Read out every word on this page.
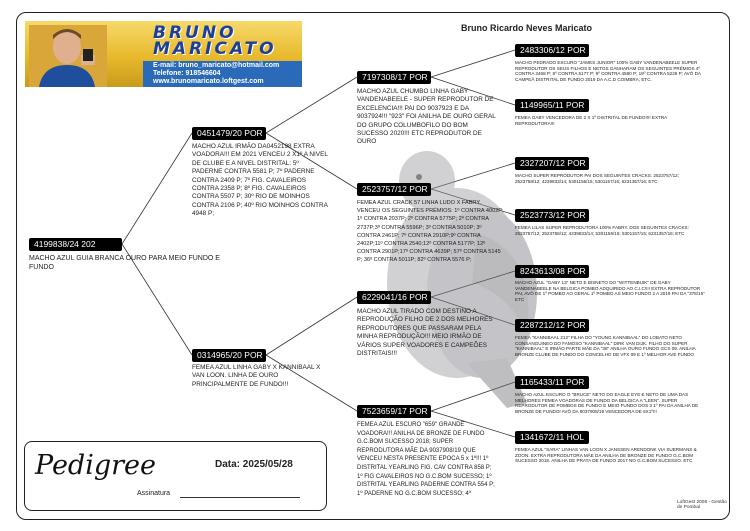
BRUNO
MARICATO
E-mail: bruno_maricato@hotmail.com
Telefone: 918546604
www.brunomaricato.loftgest.com
Bruno Ricardo Neves Maricato
4199838/24 202
MACHO AZUL GUIA BRANCA OURO PARA MEIO FUNDO E FUNDO
0451479/20 POR
MACHO AZUL IRMÃO DA0452198 EXTRA VOADORA!!! EM 2021 VENCEU 2 X1º A NIVEL DE CLUBE E A NIVEL DISTRITAL: 5º PADERNE CONTRA 5581 P; 7º PADERNE CONTRA 2409 P; 7º FIG. CAVALEIROS CONTRA 2358 P; 8º FIG. CAVALEIROS CONTRA 5507 P; 30º RIO DE MOINHOS CONTRA 2106 P; 40º RIO MOINHOS CONTRA 4948 P;
0314965/20 POR
FEMEA AZUL LINHA GABY X KANNIBAAL X VAN LOON. LINHA DE OURO PRINCIPALMENTE DE FUNDO!!!
7197308/17 POR
MACHO AZUL CHUMBO LINHA GABY VANDENABEELE - SUPER REPRODUTOR DE EXCELENCIA!!! PAI DO 9037923 E DA 9037924!!! "923" FOI ANILHA DE OURO GERAL DO GRUPO COLUMBOFILO DO BOM SUCESSO 2020!!! ETC REPRODUTOR DE OURO
2523757/12 POR
FEMEA AZUL CRACK 57 LINHA LUDO X FABRY. VENCEU OS SEGUINTES PRÉMIOS: 1º CONTRA 4002P; 1º CONTRA 2037P; 2º CONTRA 5775P; 2º CONTRA 2737P;3º CONTRA 5596P; 3º CONTRA 5010P; 3º CONTRA 2461P; 7º CONTRA 2910P;9º CONTRA 2402P;11º CONTRA 2540;12º CONTRA 5177P; 12º CONTRA 2901P;17º CONTRA 4639P; 57º CONTRA 5145 P; 36º CONTRA 5011P; 82º CONTRA 5576 P;
6229041/16 POR
MACHO AZUL TIRADO COM DESTINO A REPRODUÇÃO FILHO DE 2 DOS MELHORES REPRODUTORES QUE PASSARAM PELA MINHA REPRODUÇÃO!!! MEIO IRMÃO DE VÁRIOS SUPER VOADORES E CAMPEÕES DISTRITAIS!!!
7523659/17 POR
FEMEA AZUL ESCURO "659" GRANDE VOADORA!!! ANILHA DE BRONZE DE FUNDO G.C.BOM SUCESSO 2018; SUPER REPRODUTORA MÃE DA 9037908/19 QUE VENCEU NESTA PRESENTE EPOCA 5 x 1º!!! 1º DISTRITAL YEARLING FIG. CAV CONTRA 858 P; 1º FIG CAVALEIROS NO G.C.BOM SUCESSO; 1º DISTRITAL YEARLING PADERNE CONTRA 554 P; 1º PADERNE NO G.C.BOM SUCESSO; 4º
2483306/12 POR
MACHO PEDRADO ESCURO "JAMES JUNIOR" 100% GABY VANDENABEELE SUPER REPRODUTOR OS SEUS FILHOS E NETOS GANHARAM OS SEGUINTES PRÉMIOS 4º CONTRA 3468 P; 8º CONTRA 5177 P; 9º CONTRA 4580 P; 19º CONTRA 5226 P; AVÔ DA CAMPEÃ DISTRITAL DE FUNDO 2019 DA A.C.D COIMBRA; ETC.
1149965/11 POR
FEMEA GABY VENCEDORA DE 2 X 1º DISTRITAL DE FUNDO!!!! EXTRA REPRODUTORA!!!
2327207/12 POR
MACHO SUPER REPRODUTOR PAI DOS SEGUINTES CRACKS: 2523757/12; 2523758/12; 4239833/14; 5301156/15; 5301157/15; 6231357/16; ETC
2523773/12 POR
FEMEA LILAS SUPER REPRODUTORA 100% FABRY. DOS SEGUINTES CRACKS: 2523757/12; 2523758/12; 4239833/14; 5301156/15; 5301157/15; 6231357/16; ETC
8243613/08 POR
MACHO AZUL "GABY 13" NETO E BISNETO DO "WITTENBUIK" DE GABY VANDENABEELE NA BELGICA POMBO ADQUIRIDO AO C.I.C!!!! EXTRA REPRODUTOR PAI, AVÔ DE 1º POMBO AO GERAL 1º POMBO AS MEIO FUNDO 2 A 2019 PAI DA "378/15" ETC
2287212/12 POR
FEMEA "KANNIBAAL 212" FILHA DO "YOUNG KANNIBAAL" DO LOBATO NETO CONSANGUINEO DO FAMOSO "KANNIBAAL" DIRK VAN DIJK. FILHO DO SUPER "KANNIBAAL" E IRMÃO PARTE MÃE DA "38" ANILHA OURO FUNDO GCS 09. ANILHA BRONZE CLUBE DE FUNDO DO CONCELHO DE VFX 09 E 1º MELHOR AVE FUNDO
1165433/11 POR
MACHO AZUL ESCURO O "BRUCE" NETO DO EAGLE EYE E NETO DE UMA DAS MELHORES FEMEA VOADORAS DE FUNDO DA BELGICA A "LEEN". SUPER REPRODUTOR DE POMBOS DE FUNDO E MEIO FUNDO DOS 3 1º PAI DA ANILHA DE BRONZE DE FUNDO! AVÔ DA 9037908/19 VENCEDORA DE 5X1º!!!
1341672/11 HOL
FEMEA AZUL "SARA" LINHAS VAN LOON X JANSSEN ARENDONK VIA SUERMANS & ZOON. EXTRA REPRODUTORA MÃE DA ANILHA DE BRONZE DE FUNDO G.C.BOM SUCESSO 2018. ANILHA DE PRATA DE FUNDO 2017 NO G.C.BOM SUCESSO. ETC
Pedigree	Data: 2025/05/28
Assinatura
LoftGest 2008 - Gestão de Pombal
